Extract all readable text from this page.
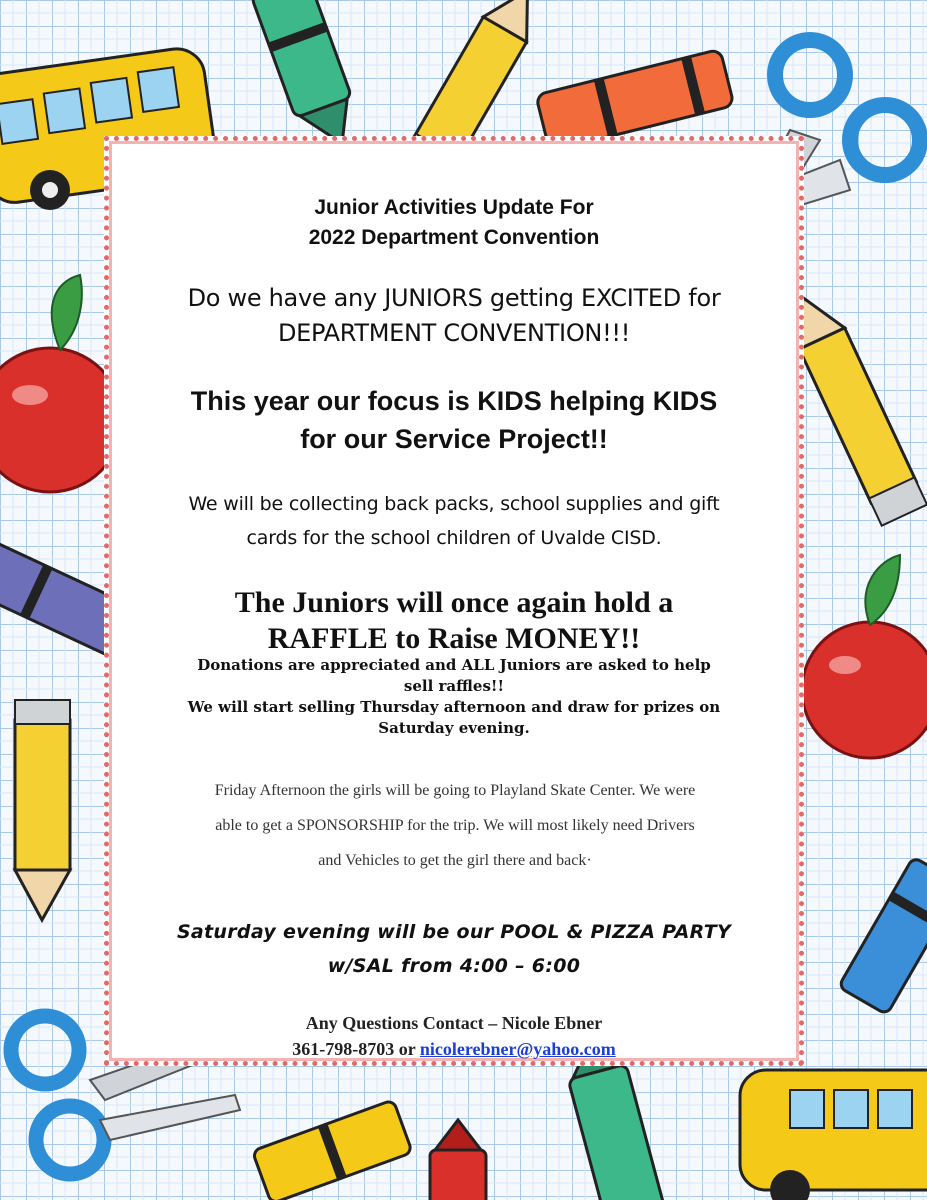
Junior Activities Update For
2022 Department Convention

Do we have any JUNIORS getting EXCITED for
DEPARTMENT CONVENTION!!!

This year our focus is KIDS helping KIDS
for our Service Project!!

We will be collecting back packs, school supplies and gift
cards for the school children of Uvalde CISD.

The Juniors will once again hold a
RAFFLE to Raise MONEY!!

Donations are appreciated and ALL Juniors are asked to help
sell raffles!!
We will start selling Thursday afternoon and draw for prizes on
Saturday evening.

Friday Afternoon the girls will be going to Playland Skate Center. We were
able to get a SPONSORSHIP for the trip. We will most likely need Drivers
and Vehicles to get the girl there and back·

Saturday evening will be our POOL & PIZZA PARTY
w/SAL from 4:00 – 6:00

Any Questions Contact – Nicole Ebner
361-798-8703 or nicolerebner@yahoo.com
